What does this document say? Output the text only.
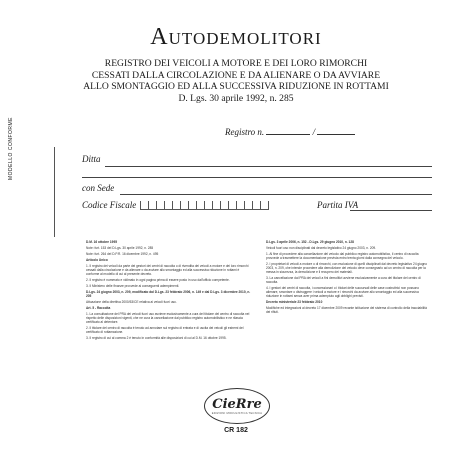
Autodemolitori
REGISTRO DEI VEICOLI A MOTORE E DEI LORO RIMORCHI
CESSATI DALLA CIRCOLAZIONE E DA ALIENARE O DA AVVIARE
ALLO SMONTAGGIO ED ALLA SUCCESSIVA RIDUZIONE IN ROTTAMI
D. Lgs. 30 aprile 1992, n. 285
Registro n.	/
MODELLO CONFORME	Ditta
con Sede
Codice Fiscale	Partita IVA

D.M. 16 ottobre 1995

Note: furt. 153 del D.Lgs. 30 aprile 1992, n. 285

Note: furt. 264 del D.P.R. 16 dicembre 1992, n. 495

Articolo Unico

1. Il registro dei veicoli da parte dei gestori dei centri di raccolta o di rivendita dei veicoli a motore e dei loro rimorchi cessati dalla circolazione e da alienare o da avviare allo smontaggio ed alla successiva riduzione in rottami è conforme al modello di cui al presente decreto.

2. Il registro è numerato e vidimato in ogni pagina prima di essere posto in uso dall'ufficio competente.

3. Il Ministero delle finanze provvede ai conseguenti adempimenti.

D.Lgs. 24 giugno 2003, n. 209, modificato dal D.Lgs. 23 febbraio 2006, n. 149 e dal D.Lgs. 3 dicembre 2010, n. 205

Attuazione della direttiva 2000/53/CE relativa ai veicoli fuori uso.

Art. 5 - Raccolta

1. La consultazione del PRA dei veicoli fuori uso avviene esclusivamente a cura del titolare del centro di raccolta nel rispetto delle disposizioni vigenti, che ne cura la cancellazione dal pubblico registro automobilistico e ne rilascia certificato al detentore.

2. Il titolare del centro di raccolta è tenuto ad annotare sul registro di entrata e di uscita dei veicoli gli estremi del certificato di rottamazione.

3. Il registro di cui al comma 2 è tenuto in conformità alle disposizioni di cui al D.M. 16 ottobre 1995.

D.Lgs. 3 aprile 2006, n. 152 - D.Lgs. 29 giugno 2010, n. 128

Veicoli fuori uso non disciplinati dal decreto legislativo 24 giugno 2003, n. 209.

1. Al fine di procedere alla cancellazione del veicolo dal pubblico registro automobilistico, il centro di raccolta provvede a trasmettere la documentazione prevista entro trenta giorni dalla consegna del veicolo.

2. I proprietari di veicoli a motore o di rimorchi, con esclusione di quelli disciplinati dal decreto legislativo 24 giugno 2003, n. 209, che intende procedere alla demolizione del veicolo deve consegnarlo ad un centro di raccolta per la messa in sicurezza, la demolizione e il recupero dei materiali.

3. La cancellazione dal PRA dei veicoli a fini demolitivi avviene esclusivamente a cura del titolare del centro di raccolta.

4. I gestori dei centri di raccolta, i concessionari o i titolari delle succursali delle case costruttrici non possono alienare, smontare o distruggere i veicoli a motore e i rimorchi da avviare allo smontaggio ed alla successiva riduzione in rottami senza aver prima adempiuto agli obblighi previsti.

Decreto ministeriale 23 febbraio 2010

Modifiche ed integrazioni al decreto 17 dicembre 2009 recante istituzione del sistema di controllo della tracciabilità dei rifiuti.

CieRre
EDIZIONI MODULISTICA TECNICA
CR 182
